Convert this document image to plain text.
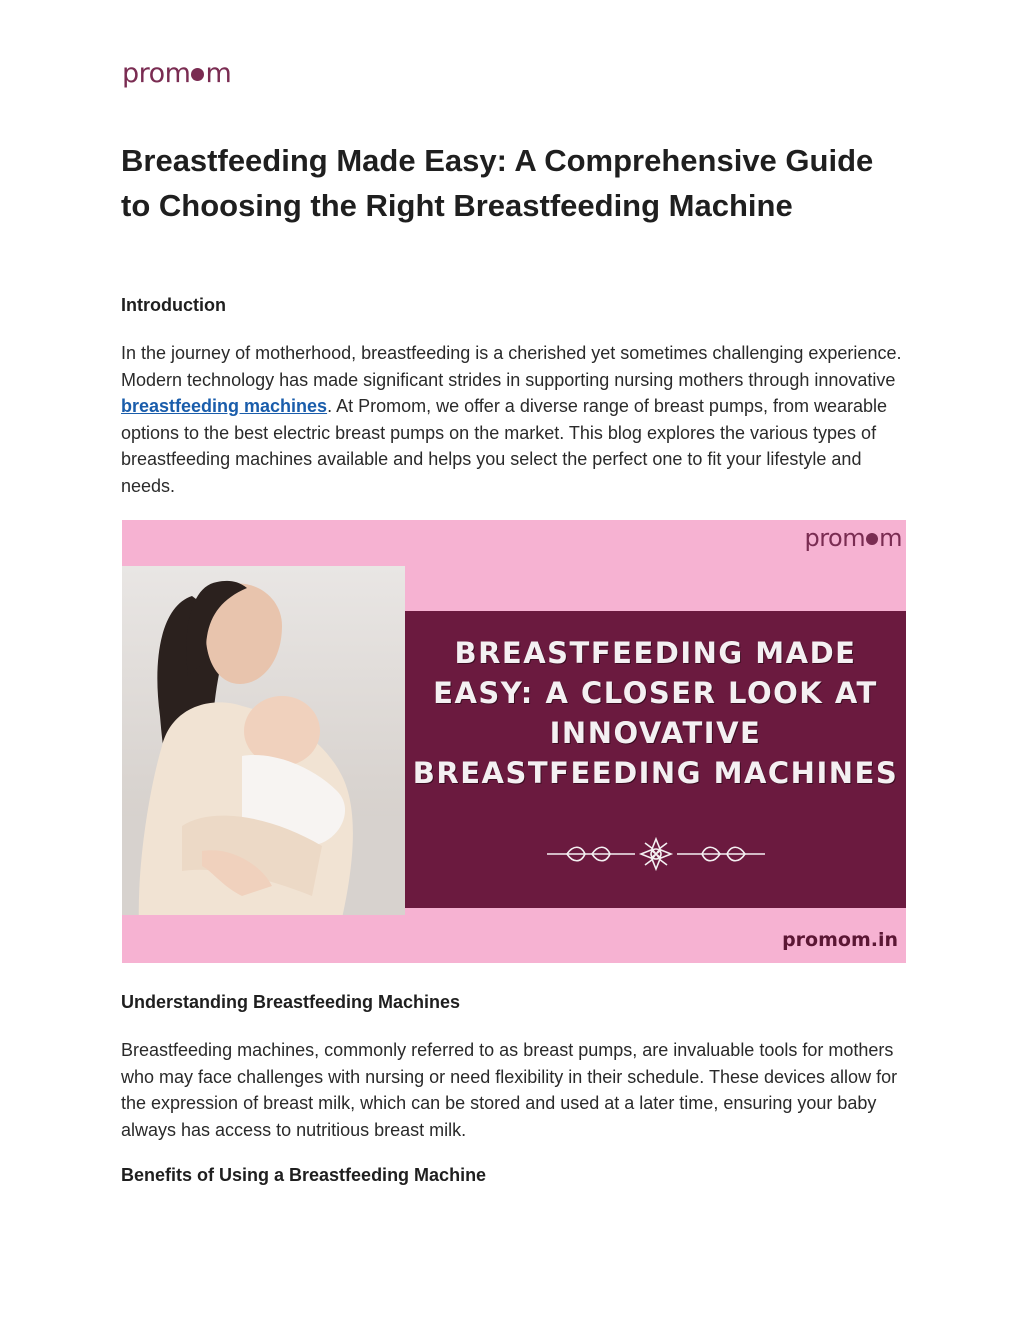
prom m
Breastfeeding Made Easy: A Comprehensive Guide to Choosing the Right Breastfeeding Machine
Introduction

In the journey of motherhood, breastfeeding is a cherished yet sometimes challenging experience. Modern technology has made significant strides in supporting nursing mothers through innovative breastfeeding machines. At Promom, we offer a diverse range of breast pumps, from wearable options to the best electric breast pumps on the market. This blog explores the various types of breastfeeding machines available and helps you select the perfect one to fit your lifestyle and needs.

prom m

BREASTFEEDING MADE EASY: A CLOSER LOOK AT INNOVATIVE BREASTFEEDING MACHINES

promom.in
Understanding Breastfeeding Machines

Breastfeeding machines, commonly referred to as breast pumps, are invaluable tools for mothers who may face challenges with nursing or need flexibility in their schedule. These devices allow for the expression of breast milk, which can be stored and used at a later time, ensuring your baby always has access to nutritious breast milk.

Benefits of Using a Breastfeeding Machine
